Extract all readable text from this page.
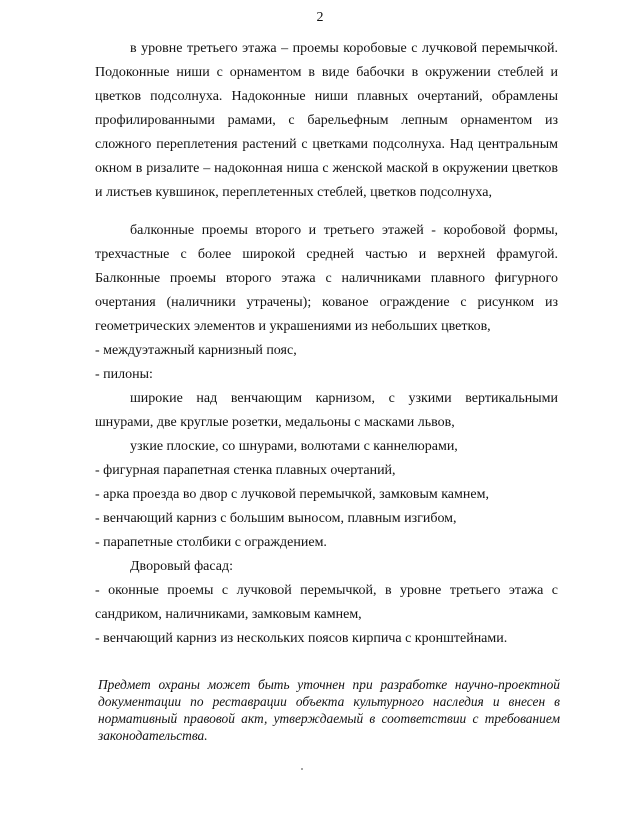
2

в уровне третьего этажа – проемы коробовые с лучковой перемычкой. Подоконные ниши с орнаментом в виде бабочки в окружении стеблей и цветков подсолнуха. Надоконные ниши плавных очертаний, обрамлены профилированными рамами, с барельефным лепным орнаментом из сложного переплетения растений с цветками подсолнуха. Над центральным окном в ризалите – надоконная ниша с женской маской в окружении цветков и листьев кувшинок, переплетенных стеблей, цветков подсолнуха,

балконные проемы второго и третьего этажей - коробовой формы, трехчастные с более широкой средней частью и верхней фрамугой. Балконные проемы второго этажа с наличниками плавного фигурного очертания (наличники утрачены); кованое ограждение с рисунком из геометрических элементов и украшениями из небольших цветков,

- междуэтажный карнизный пояс,

- пилоны:

широкие над венчающим карнизом, с узкими вертикальными шнурами, две круглые розетки, медальоны с масками львов,

узкие плоские, со шнурами, волютами с каннелюрами,

- фигурная парапетная стенка плавных очертаний,

- арка проезда во двор с лучковой перемычкой, замковым камнем,

- венчающий карниз с большим выносом, плавным изгибом,

- парапетные столбики с ограждением.

Дворовый фасад:

- оконные проемы с лучковой перемычкой, в уровне третьего этажа с сандриком, наличниками, замковым камнем,

- венчающий карниз из нескольких поясов кирпича с кронштейнами.

Предмет охраны может быть уточнен при разработке научно-проектной документации по реставрации объекта культурного наследия и внесен в нормативный правовой акт, утверждаемый в соответствии с требованием законодательства.
